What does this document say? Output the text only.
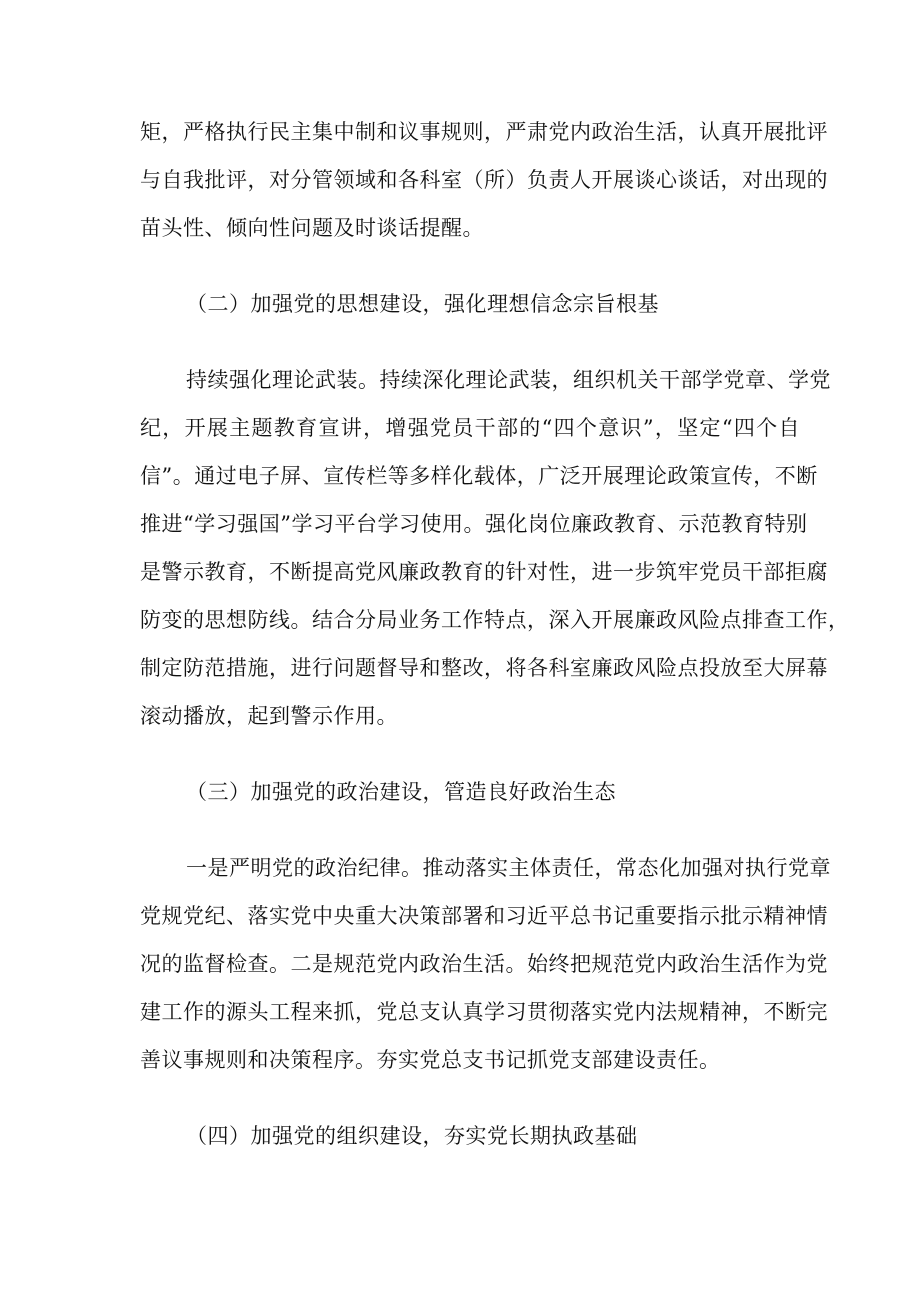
矩，严格执行民主集中制和议事规则，严肃党内政治生活，认真开展批评
与自我批评，对分管领域和各科室（所）负责人开展谈心谈话，对出现的
苗头性、倾向性问题及时谈话提醒。
（二）加强党的思想建设，强化理想信念宗旨根基
持续强化理论武装。持续深化理论武装，组织机关干部学党章、学党
纪，开展主题教育宣讲，增强党员干部的“四个意识”，坚定“四个自
信”。通过电子屏、宣传栏等多样化载体，广泛开展理论政策宣传，不断
推进“学习强国”学习平台学习使用。强化岗位廉政教育、示范教育特别
是警示教育，不断提高党风廉政教育的针对性，进一步筑牢党员干部拒腐
防变的思想防线。结合分局业务工作特点，深入开展廉政风险点排查工作，
制定防范措施，进行问题督导和整改，将各科室廉政风险点投放至大屏幕
滚动播放，起到警示作用。
（三）加强党的政治建设，管造良好政治生态
一是严明党的政治纪律。推动落实主体责任，常态化加强对执行党章
党规党纪、落实党中央重大决策部署和习近平总书记重要指示批示精神情
况的监督检查。二是规范党内政治生活。始终把规范党内政治生活作为党
建工作的源头工程来抓，党总支认真学习贯彻落实党内法规精神，不断完
善议事规则和决策程序。夯实党总支书记抓党支部建设责任。
（四）加强党的组织建设，夯实党长期执政基础
